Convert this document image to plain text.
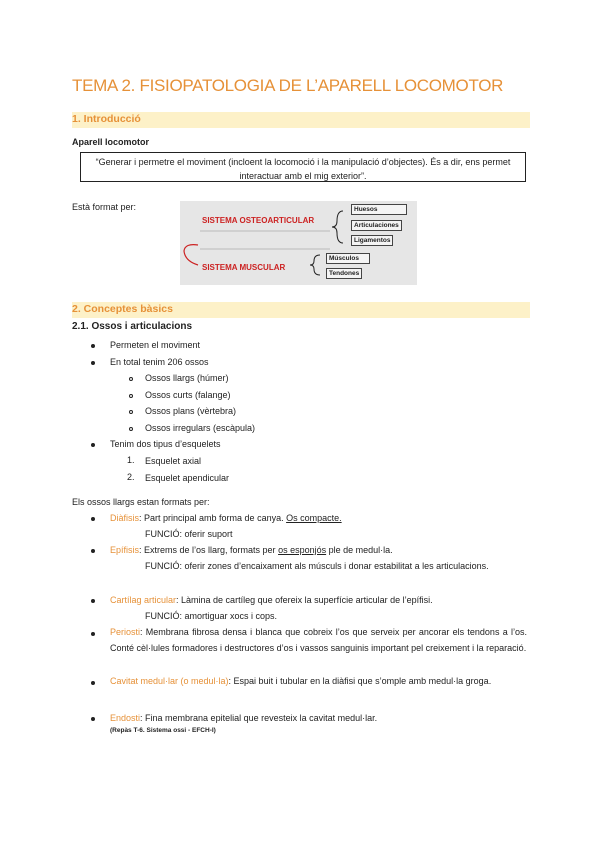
TEMA 2. FISIOPATOLOGIA DE L’APARELL LOCOMOTOR
1. Introducció
Aparell locomotor
“Generar i permetre el moviment (incloent la locomoció i la manipulació d’objectes). És a dir, ens permet interactuar amb el mig exterior”.
Està format per:
SISTEMA OSTEOARTICULAR
Huesos
Articulaciones
Ligamentos
SISTEMA MUSCULAR
Músculos
Tendones
2. Conceptes bàsics
2.1. Ossos i articulacions
Permeten el moviment
En total tenim 206 ossos
Ossos llargs (húmer)
Ossos curts (falange)
Ossos plans (vèrtebra)
Ossos irregulars (escàpula)
Tenim dos tipus d’esquelets
1. Esquelet axial
2. Esquelet apendicular
Els ossos llargs estan formats per:
Diàfisis: Part principal amb forma de canya. Os compacte.
FUNCIÓ: oferir suport
Epífisis: Extrems de l’os llarg, formats per os esponjós ple de medul·la.
FUNCIÓ: oferir zones d’encaixament als músculs i donar estabilitat a les articulacions.
Cartílag articular: Làmina de cartíleg que ofereix la superfície articular de l’epífisi.
FUNCIÓ: amortiguar xocs i cops.
Periosti: Membrana fibrosa densa i blanca que cobreix l’os que serveix per ancorar els tendons a l’os. Conté cèl·lules formadores i destructores d’os i vassos sanguinis important pel creixement i la reparació.
Cavitat medul·lar (o medul·la): Espai buit i tubular en la diàfisi que s’omple amb medul·la groga.
Endosti: Fina membrana epitelial que revesteix la cavitat medul·lar.
(Repàs T-6. Sistema ossi - EFCH-I)
